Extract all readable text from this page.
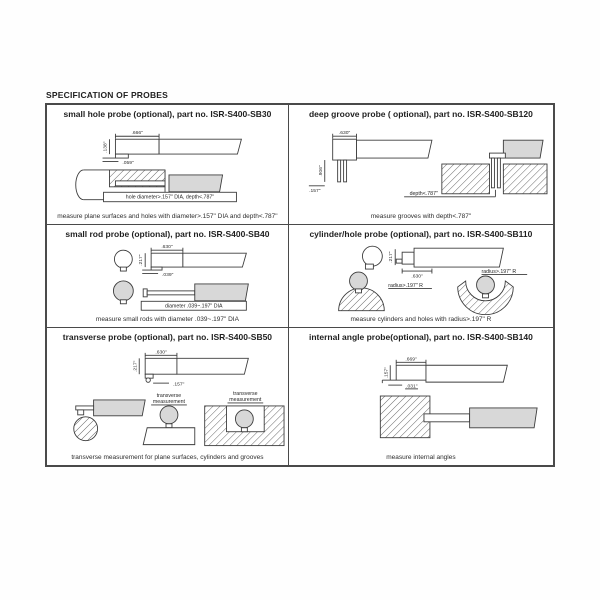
SPECIFICATION OF PROBES
small hole probe (optional), part no. ISR-S400-SB30
.666"
.138"
.059"
hole diameter>.157" DIA, depth<.787"
measure plane surfaces and holes with diameter>.157" DIA and depth<.787"
deep groove probe ( optional), part no. ISR-S400-SB120
.630"
.906"
.157"	depth<.787"
measure grooves with depth<.787"
small rod probe (optional), part no. ISR-S400-SB40
.630"
.217"
.039"
diameter .039~.197" DIA
measure small rods with diameter .039~.197" DIA
cylinder/hole probe (optional), part no. ISR-S400-SB110
.217"
.630"
radius>.197" R
radius>.197" R
measure cylinders and holes with radius>.197" R
transverse probe (optional), part no. ISR-S400-SB50
.630"
.217"
.157"
transverse
measurement
transverse
measurement
transverse measurement for plane surfaces, cylinders and grooves
internal angle probe(optional), part no. ISR-S400-SB140
.669"
.157"
.031"
measure internal angles
